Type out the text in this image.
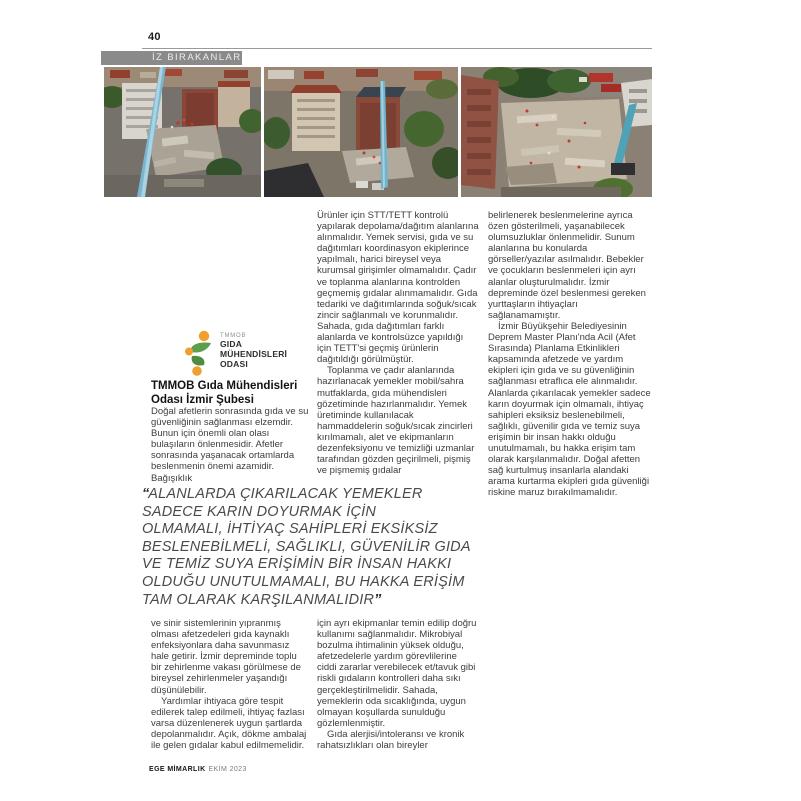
40
İZ BIRAKANLAR

Ürünler için STT/TETT kontrolü yapılarak depolama/dağıtım alanlarına alınmalıdır. Yemek servisi, gıda ve su dağıtımları koordinasyon ekiplerince yapılmalı, harici bireysel veya kurumsal girişimler olmamalıdır. Çadır ve toplanma alanlarına kontrolden geçmemiş gıdalar alınmamalıdır. Gıda tedariki ve dağıtımlarında soğuk/sıcak zincir sağlanmalı ve korunmalıdır. Sahada, gıda dağıtımları farklı alanlarda ve kontrolsüzce yapıldığı için TETT'si geçmiş ürünlerin dağıtıldığı görülmüştür.

Toplanma ve çadır alanlarında hazırlanacak yemekler mobil/sahra mutfaklarda, gıda mühendisleri gözetiminde hazırlanmalıdır. Yemek üretiminde kullanılacak hammaddelerin soğuk/sıcak zincirleri kırılmamalı, alet ve ekipmanların dezenfeksiyonu ve temizliği uzmanlar tarafından gözden geçirilmeli, pişmiş ve pişmemiş gıdalar

belirlenerek beslenmelerine ayrıca özen gösterilmeli, yaşanabilecek olumsuzluklar önlenmelidir. Sunum alanlarına bu konularda görseller/yazılar asılmalıdır. Bebekler ve çocukların beslenmeleri için ayrı alanlar oluşturulmalıdır. İzmir depreminde özel beslenmesi gereken yurttaşların ihtiyaçları sağlanamamıştır.

İzmir Büyükşehir Belediyesinin Deprem Master Planı'nda Acil (Afet Sırasında) Planlama Etkinlikleri kapsamında afetzede ve yardım ekipleri için gıda ve su güvenliğinin sağlanması etraflıca ele alınmalıdır. Alanlarda çıkarılacak yemekler sadece karın doyurmak için olmamalı, ihtiyaç sahipleri eksiksiz beslenebilmeli, sağlıklı, güvenilir gıda ve temiz suya erişimin bir insan hakkı olduğu unutulmamalı, bu hakka erişim tam olarak karşılanmalıdır. Doğal afetten sağ kurtulmuş insanlarla alandaki arama kurtarma ekipleri gıda güvenliği riskine maruz bırakılmamalıdır.

TMMOB
GIDA
MÜHENDİSLERİ
ODASI
TMMOB Gıda Mühendisleri Odası İzmir Şubesi

Doğal afetlerin sonrasında gıda ve su güvenliğinin sağlanması elzemdir. Bunun için önemli olan olası bulaşıların önlenmesidir. Afetler sonrasında yaşanacak ortamlarda beslenmenin önemi azamidir. Bağışıklık

“ALANLARDA ÇIKARILACAK YEMEKLER
SADECE KARIN DOYURMAK İÇİN
OLMAMALI, İHTİYAÇ SAHİPLERİ EKSİKSİZ
BESLENEBİLMELİ, SAĞLIKLI, GÜVENİLİR GIDA
VE TEMİZ SUYA ERİŞİMİN BİR İNSAN HAKKI
OLDUĞU UNUTULMAMALI, BU HAKKA ERİŞİM
TAM OLARAK KARŞILANMALIDIR”

ve sinir sistemlerinin yıpranmış olması afetzedeleri gıda kaynaklı enfeksiyonlara daha savunmasız hale getirir. İzmir depreminde toplu bir zehirlenme vakası görülmese de bireysel zehirlenmeler yaşandığı düşünülebilir.

Yardımlar ihtiyaca göre tespit edilerek talep edilmeli, ihtiyaç fazlası varsa düzenlenerek uygun şartlarda depolanmalıdır. Açık, dökme ambalaj ile gelen gıdalar kabul edilmemelidir.

için ayrı ekipmanlar temin edilip doğru kullanımı sağlanmalıdır. Mikrobiyal bozulma ihtimalinin yüksek olduğu, afetzedelerle yardım görevlilerine ciddi zararlar verebilecek et/tavuk gibi riskli gıdaların kontrolleri daha sıkı gerçekleştirilmelidir. Sahada, yemeklerin oda sıcaklığında, uygun olmayan koşullarda sunulduğu gözlemlenmiştir.

Gıda alerjisi/intoleransı ve kronik rahatsızlıkları olan bireyler

EGE MİMARLIK EKİM 2023
